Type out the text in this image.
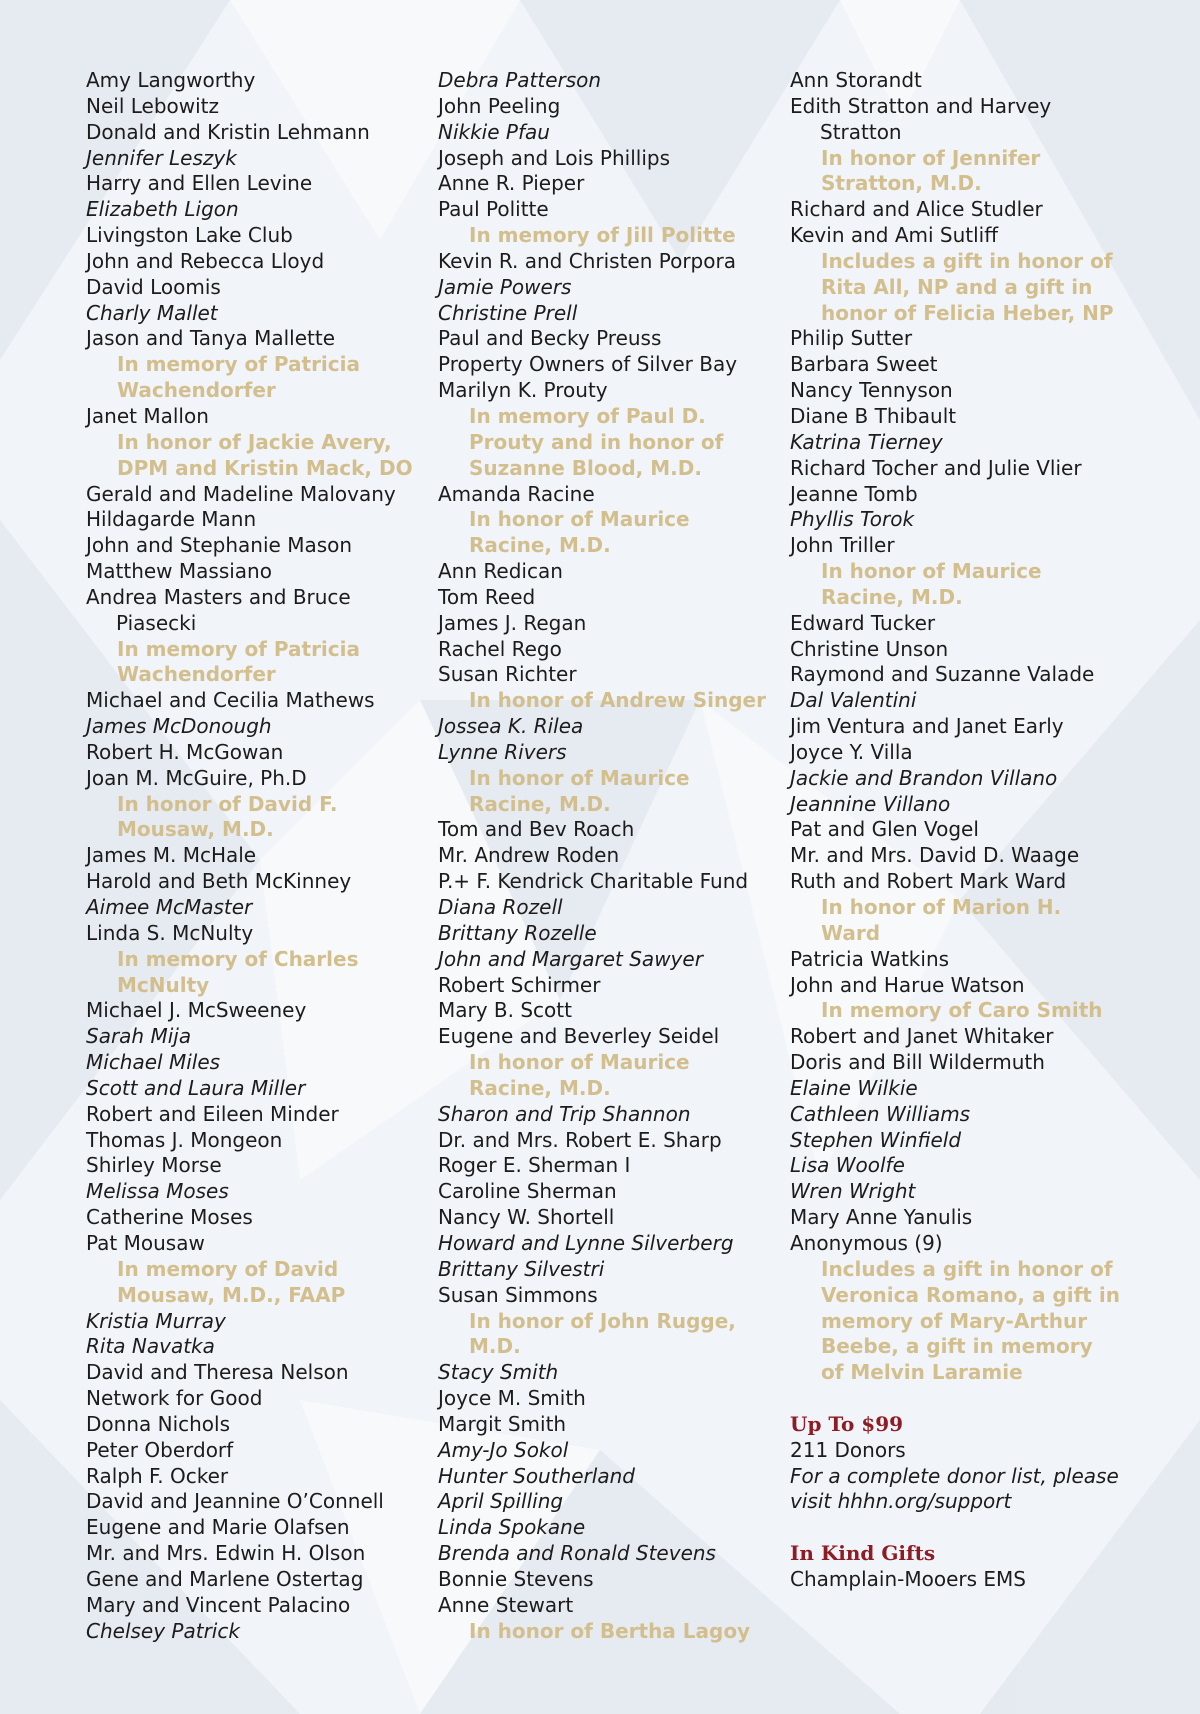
Amy Langworthy
Neil Lebowitz
Donald and Kristin Lehmann
Jennifer Leszyk
Harry and Ellen Levine
Elizabeth Ligon
Livingston Lake Club
John and Rebecca Lloyd
David Loomis
Charly Mallet
Jason and Tanya Mallette
In memory of Patricia Wachendorfer
Janet Mallon
In honor of Jackie Avery, DPM and Kristin Mack, DO
Gerald and Madeline Malovany
Hildagarde Mann
John and Stephanie Mason
Matthew Massiano
Andrea Masters and Bruce Piasecki
In memory of Patricia Wachendorfer
Michael and Cecilia Mathews
James McDonough
Robert H. McGowan
Joan M. McGuire, Ph.D
In honor of David F. Mousaw, M.D.
James M. McHale
Harold and Beth McKinney
Aimee McMaster
Linda S. McNulty
In memory of Charles McNulty
Michael J. McSweeney
Sarah Mija
Michael Miles
Scott and Laura Miller
Robert and Eileen Minder
Thomas J. Mongeon
Shirley Morse
Melissa Moses
Catherine Moses
Pat Mousaw
In memory of David Mousaw, M.D., FAAP
Kristia Murray
Rita Navatka
David and Theresa Nelson
Network for Good
Donna Nichols
Peter Oberdorf
Ralph F. Ocker
David and Jeannine O’Connell
Eugene and Marie Olafsen
Mr. and Mrs. Edwin H. Olson
Gene and Marlene Ostertag
Mary and Vincent Palacino
Chelsey Patrick
Debra Patterson
John Peeling
Nikkie Pfau
Joseph and Lois Phillips
Anne R. Pieper
Paul Politte
In memory of Jill Politte
Kevin R. and Christen Porpora
Jamie Powers
Christine Prell
Paul and Becky Preuss
Property Owners of Silver Bay
Marilyn K. Prouty
In memory of Paul D. Prouty and in honor of Suzanne Blood, M.D.
Amanda Racine
In honor of Maurice Racine, M.D.
Ann Redican
Tom Reed
James J. Regan
Rachel Rego
Susan Richter
In honor of Andrew Singer
Jossea K. Rilea
Lynne Rivers
In honor of Maurice Racine, M.D.
Tom and Bev Roach
Mr. Andrew Roden
P.+ F. Kendrick Charitable Fund
Diana Rozell
Brittany Rozelle
John and Margaret Sawyer
Robert Schirmer
Mary B. Scott
Eugene and Beverley Seidel
In honor of Maurice Racine, M.D.
Sharon and Trip Shannon
Dr. and Mrs. Robert E. Sharp
Roger E. Sherman I
Caroline Sherman
Nancy W. Shortell
Howard and Lynne Silverberg
Brittany Silvestri
Susan Simmons
In honor of John Rugge, M.D.
Stacy Smith
Joyce M. Smith
Margit Smith
Amy-Jo Sokol
Hunter Southerland
April Spilling
Linda Spokane
Brenda and Ronald Stevens
Bonnie Stevens
Anne Stewart
In honor of Bertha Lagoy
Ann Storandt
Edith Stratton and Harvey Stratton
In honor of Jennifer Stratton, M.D.
Richard and Alice Studler
Kevin and Ami Sutliff
Includes a gift in honor of Rita All, NP and a gift in honor of Felicia Heber, NP
Philip Sutter
Barbara Sweet
Nancy Tennyson
Diane B Thibault
Katrina Tierney
Richard Tocher and Julie Vlier
Jeanne Tomb
Phyllis Torok
John Triller
In honor of Maurice Racine, M.D.
Edward Tucker
Christine Unson
Raymond and Suzanne Valade
Dal Valentini
Jim Ventura and Janet Early
Joyce Y. Villa
Jackie and Brandon Villano
Jeannine Villano
Pat and Glen Vogel
Mr. and Mrs. David D. Waage
Ruth and Robert Mark Ward
In honor of Marion H. Ward
Patricia Watkins
John and Harue Watson
In memory of Caro Smith
Robert and Janet Whitaker
Doris and Bill Wildermuth
Elaine Wilkie
Cathleen Williams
Stephen Winfield
Lisa Woolfe
Wren Wright
Mary Anne Yanulis
Anonymous (9)
Includes a gift in honor of Veronica Romano, a gift in memory of Mary-Arthur Beebe, a gift in memory of Melvin Laramie
Up To $99
211 Donors
For a complete donor list, please visit hhhn.org/support
In Kind Gifts
Champlain-Mooers EMS
